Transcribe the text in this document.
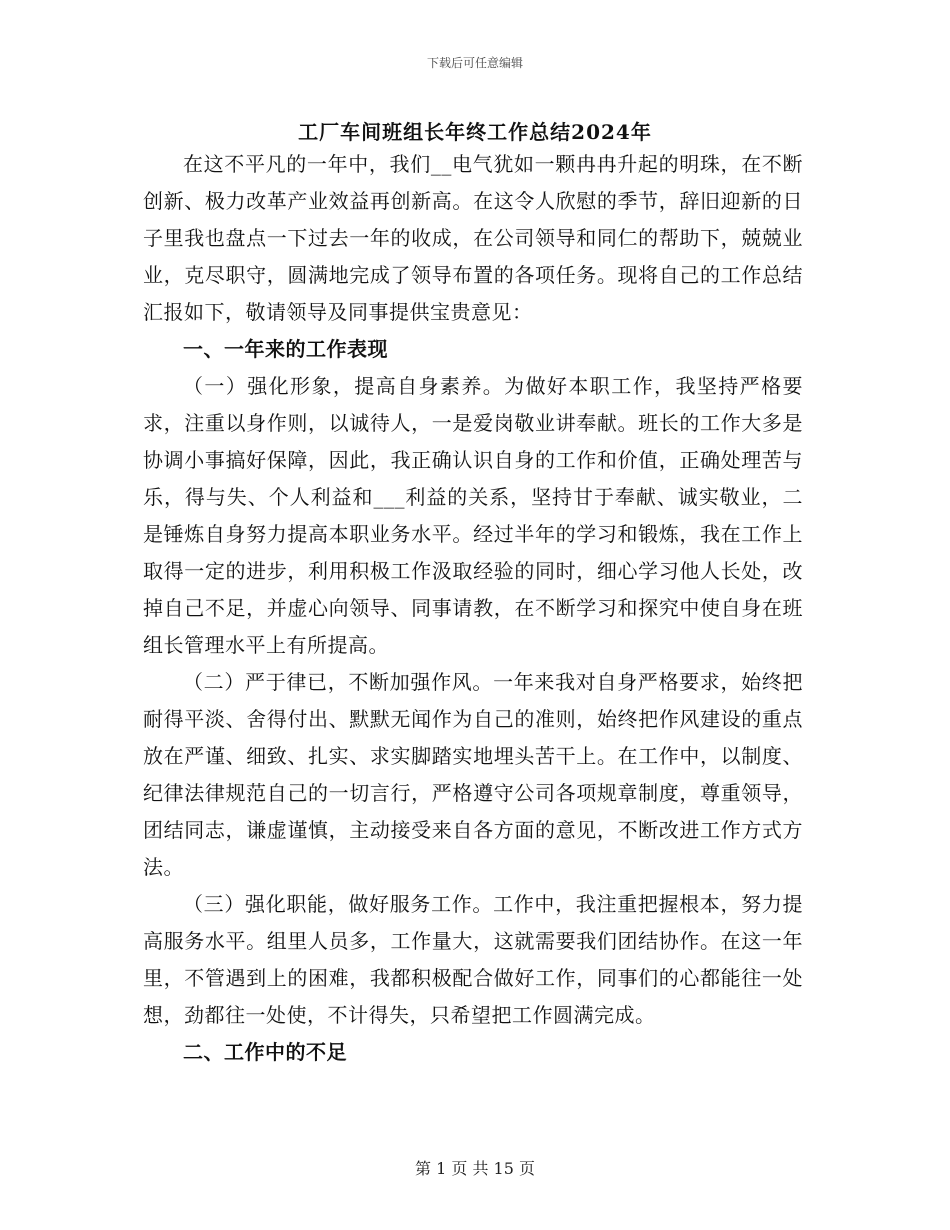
下载后可任意编辑
工厂车间班组长年终工作总结2024年

在这不平凡的一年中，我们__电气犹如一颗冉冉升起的明珠，在不断创新、极力改革产业效益再创新高。在这令人欣慰的季节，辞旧迎新的日子里我也盘点一下过去一年的收成，在公司领导和同仁的帮助下，兢兢业业，克尽职守，圆满地完成了领导布置的各项任务。现将自己的工作总结汇报如下，敬请领导及同事提供宝贵意见：

一、一年来的工作表现

（一）强化形象，提高自身素养。为做好本职工作，我坚持严格要求，注重以身作则，以诚待人，一是爱岗敬业讲奉献。班长的工作大多是协调小事搞好保障，因此，我正确认识自身的工作和价值，正确处理苦与乐，得与失、个人利益和___利益的关系，坚持甘于奉献、诚实敬业，二是锤炼自身努力提高本职业务水平。经过半年的学习和锻炼，我在工作上取得一定的进步，利用积极工作汲取经验的同时，细心学习他人长处，改掉自己不足，并虚心向领导、同事请教，在不断学习和探究中使自身在班组长管理水平上有所提高。

（二）严于律已，不断加强作风。一年来我对自身严格要求，始终把耐得平淡、舍得付出、默默无闻作为自己的准则，始终把作风建设的重点放在严谨、细致、扎实、求实脚踏实地埋头苦干上。在工作中，以制度、纪律法律规范自己的一切言行，严格遵守公司各项规章制度，尊重领导，团结同志，谦虚谨慎，主动接受来自各方面的意见，不断改进工作方式方法。

（三）强化职能，做好服务工作。工作中，我注重把握根本，努力提高服务水平。组里人员多，工作量大，这就需要我们团结协作。在这一年里，不管遇到上的困难，我都积极配合做好工作，同事们的心都能往一处想，劲都往一处使，不计得失，只希望把工作圆满完成。

二、工作中的不足

第 1 页 共 15 页
